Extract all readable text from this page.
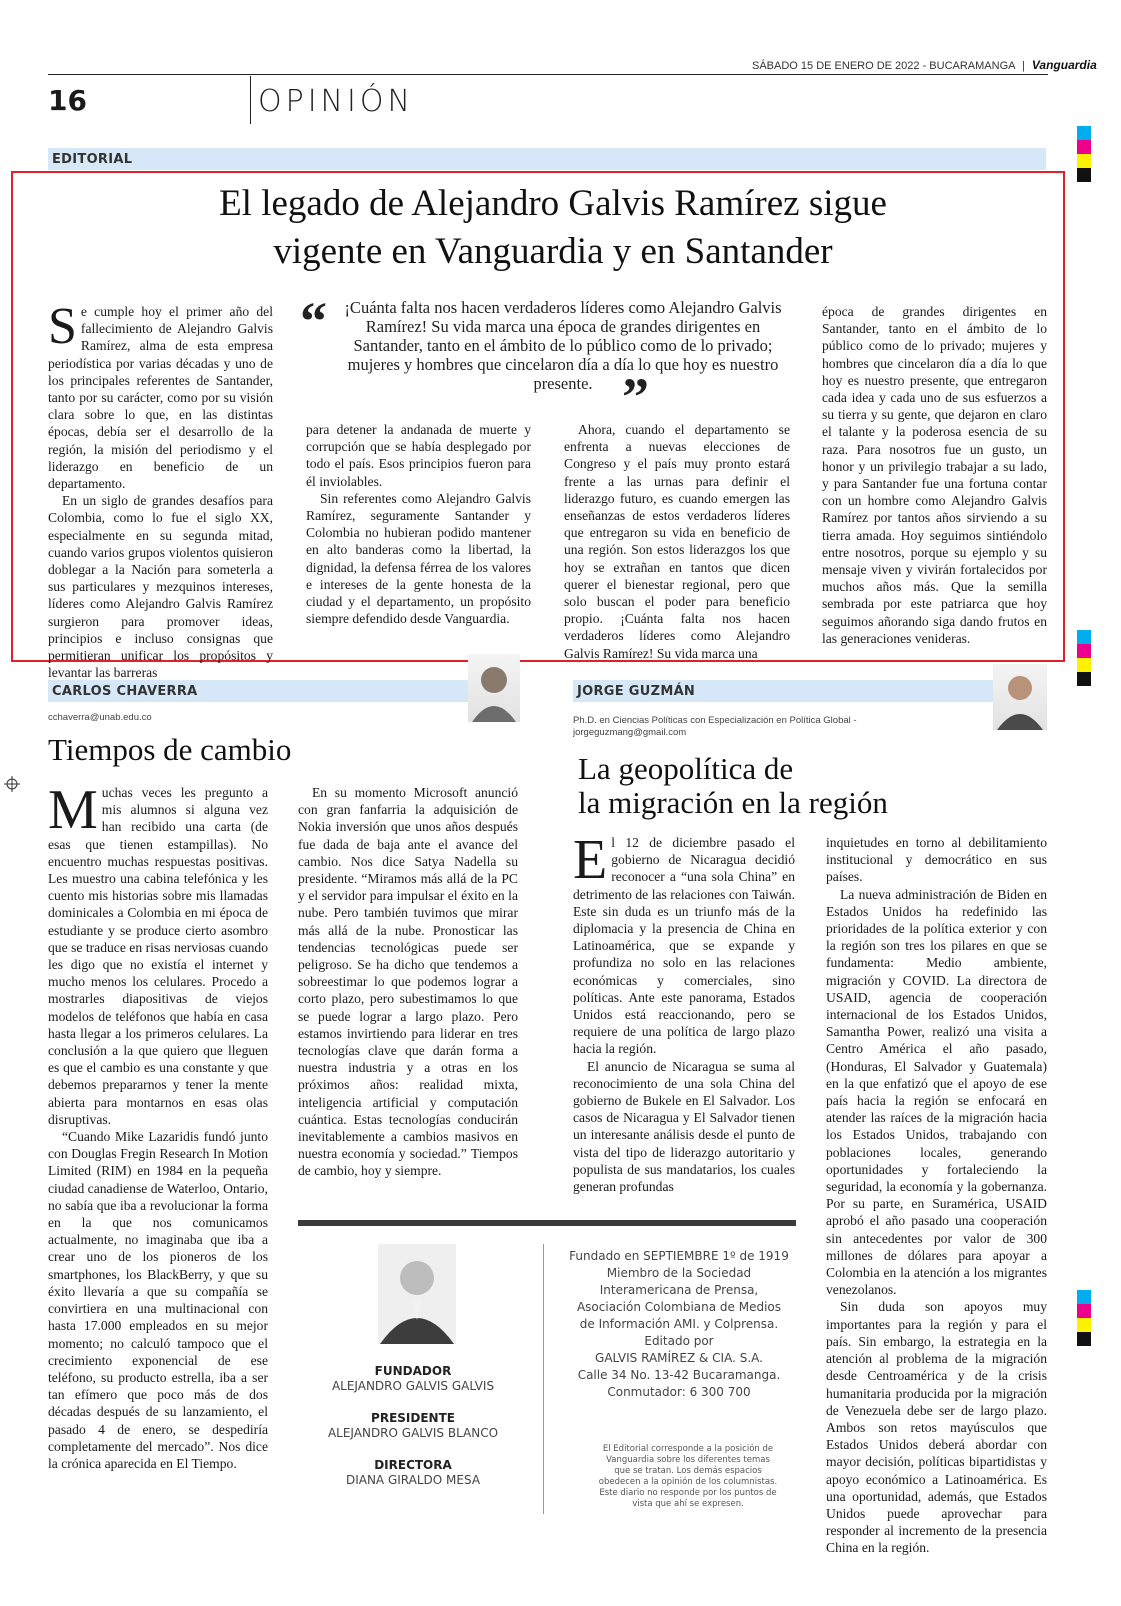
SÁBADO 15 DE ENERO DE 2022 - BUCARAMANGA | Vanguardia
16	OPINIÓN
EDITORIAL
El legado de Alejandro Galvis Ramírez sigue
vigente en Vanguardia y en Santander

Se cumple hoy el primer año del fallecimiento de Alejandro Galvis Ramírez, alma de esta empresa periodística por varias décadas y uno de los principales referentes de Santander, tanto por su carácter, como por su visión clara sobre lo que, en las distintas épocas, debía ser el desarrollo de la región, la misión del periodismo y el liderazgo en beneficio de un departamento.

En un siglo de grandes desafíos para Colombia, como lo fue el siglo XX, especialmente en su segunda mitad, cuando varios grupos violentos quisieron doblegar a la Nación para someterla a sus particulares y mezquinos intereses, líderes como Alejandro Galvis Ramírez surgieron para promover ideas, principios e incluso consignas que permitieran unificar los propósitos y levantar las barreras

“	¡Cuánta falta nos hacen verdaderos líderes como Alejandro Galvis Ramírez! Su vida marca una época de grandes dirigentes en Santander, tanto en el ámbito de lo público como de lo privado; mujeres y hombres que cincelaron día a día lo que hoy es nuestro presente. ”

para detener la andanada de muerte y corrupción que se había desplegado por todo el país. Esos principios fueron para él inviolables.

Sin referentes como Alejandro Galvis Ramírez, seguramente Santander y Colombia no hubieran podido mantener en alto banderas como la libertad, la dignidad, la defensa férrea de los valores e intereses de la gente honesta de la ciudad y el departamento, un propósito siempre defendido desde Vanguardia.

Ahora, cuando el departamento se enfrenta a nuevas elecciones de Congreso y el país muy pronto estará frente a las urnas para definir el liderazgo futuro, es cuando emergen las enseñanzas de estos verdaderos líderes que entregaron su vida en beneficio de una región. Son estos liderazgos los que hoy se extrañan en tantos que dicen querer el bienestar regional, pero que solo buscan el poder para beneficio propio. ¡Cuánta falta nos hacen verdaderos líderes como Alejandro Galvis Ramírez! Su vida marca una

época de grandes dirigentes en Santander, tanto en el ámbito de lo público como de lo privado; mujeres y hombres que cincelaron día a día lo que hoy es nuestro presente, que entregaron cada idea y cada uno de sus esfuerzos a su tierra y su gente, que dejaron en claro el talante y la poderosa esencia de su raza. Para nosotros fue un gusto, un honor y un privilegio trabajar a su lado, y para Santander fue una fortuna contar con un hombre como Alejandro Galvis Ramírez por tantos años sirviendo a su tierra amada. Hoy seguimos sintiéndolo entre nosotros, porque su ejemplo y su mensaje viven y vivirán fortalecidos por muchos años más. Que la semilla sembrada por este patriarca que hoy seguimos añorando siga dando frutos en las generaciones venideras.

CARLOS CHAVERRA
cchaverra@unab.edu.co
Tiempos de cambio

Muchas veces les pregunto a mis alumnos si alguna vez han recibido una carta (de esas que tienen estampillas). No encuentro muchas respuestas positivas. Les muestro una cabina telefónica y les cuento mis historias sobre mis llamadas dominicales a Colombia en mi época de estudiante y se produce cierto asombro que se traduce en risas nerviosas cuando les digo que no existía el internet y mucho menos los celulares. Procedo a mostrarles diapositivas de viejos modelos de teléfonos que había en casa hasta llegar a los primeros celulares. La conclusión a la que quiero que lleguen es que el cambio es una constante y que debemos prepararnos y tener la mente abierta para montarnos en esas olas disruptivas.

“Cuando Mike Lazaridis fundó junto con Douglas Fregin Research In Motion Limited (RIM) en 1984 en la pequeña ciudad canadiense de Waterloo, Ontario, no sabía que iba a revolucionar la forma en la que nos comunicamos actualmente, no imaginaba que iba a crear uno de los pioneros de los smartphones, los BlackBerry, y que su éxito llevaría a que su compañía se convirtiera en una multinacional con hasta 17.000 empleados en su mejor momento; no calculó tampoco que el crecimiento exponencial de ese teléfono, su producto estrella, iba a ser tan efímero que poco más de dos décadas después de su lanzamiento, el pasado 4 de enero, se despediría completamente del mercado”. Nos dice la crónica aparecida en El Tiempo.

En su momento Microsoft anunció con gran fanfarria la adquisición de Nokia inversión que unos años después fue dada de baja ante el avance del cambio. Nos dice Satya Nadella su presidente. “Miramos más allá de la PC y el servidor para impulsar el éxito en la nube. Pero también tuvimos que mirar más allá de la nube. Pronosticar las tendencias tecnológicas puede ser peligroso. Se ha dicho que tendemos a sobreestimar lo que podemos lograr a corto plazo, pero subestimamos lo que se puede lograr a largo plazo. Pero estamos invirtiendo para liderar en tres tecnologías clave que darán forma a nuestra industria y a otras en los próximos años: realidad mixta, inteligencia artificial y computación cuántica. Estas tecnologías conducirán inevitablemente a cambios masivos en nuestra economía y sociedad.” Tiempos de cambio, hoy y siempre.

JORGE GUZMÁN
Ph.D. en Ciencias Políticas con Especialización en Política Global - jorgeguzmang@gmail.com
La geopolítica de
la migración en la región

El 12 de diciembre pasado el gobierno de Nicaragua decidió reconocer a “una sola China” en detrimento de las relaciones con Taiwán. Este sin duda es un triunfo más de la diplomacia y la presencia de China en Latinoamérica, que se expande y profundiza no solo en las relaciones económicas y comerciales, sino políticas. Ante este panorama, Estados Unidos está reaccionando, pero se requiere de una política de largo plazo hacia la región.

El anuncio de Nicaragua se suma al reconocimiento de una sola China del gobierno de Bukele en El Salvador. Los casos de Nicaragua y El Salvador tienen un interesante análisis desde el punto de vista del tipo de liderazgo autoritario y populista de sus mandatarios, los cuales generan profundas

inquietudes en torno al debilitamiento institucional y democrático en sus países.

La nueva administración de Biden en Estados Unidos ha redefinido las prioridades de la política exterior y con la región son tres los pilares en que se fundamenta: Medio ambiente, migración y COVID. La directora de USAID, agencia de cooperación internacional de los Estados Unidos, Samantha Power, realizó una visita a Centro América el año pasado, (Honduras, El Salvador y Guatemala) en la que enfatizó que el apoyo de ese país hacia la región se enfocará en atender las raíces de la migración hacia los Estados Unidos, trabajando con poblaciones locales, generando oportunidades y fortaleciendo la seguridad, la economía y la gobernanza. Por su parte, en Suramérica, USAID aprobó el año pasado una cooperación sin antecedentes por valor de 300 millones de dólares para apoyar a Colombia en la atención a los migrantes venezolanos.

Sin duda son apoyos muy importantes para la región y para el país. Sin embargo, la estrategia en la atención al problema de la migración desde Centroamérica y de la crisis humanitaria producida por la migración de Venezuela debe ser de largo plazo. Ambos son retos mayúsculos que Estados Unidos deberá abordar con mayor decisión, políticas bipartidistas y apoyo económico a Latinoamérica. Es una oportunidad, además, que Estados Unidos puede aprovechar para responder al incremento de la presencia China en la región.

FUNDADOR
ALEJANDRO GALVIS GALVIS
PRESIDENTE
ALEJANDRO GALVIS BLANCO
DIRECTORA
DIANA GIRALDO MESA
Fundado en SEPTIEMBRE 1º de 1919
Miembro de la Sociedad
Interamericana de Prensa,
Asociación Colombiana de Medios
de Información AMI. y Colprensa.
Editado por
GALVIS RAMÍREZ & CIA. S.A.
Calle 34 No. 13-42 Bucaramanga.
Conmutador: 6 300 700
El Editorial corresponde a la posición de Vanguardia sobre los diferentes temas que se tratan. Los demás espacios obedecen a la opinión de los columnistas. Este diario no responde por los puntos de vista que ahí se expresen.
